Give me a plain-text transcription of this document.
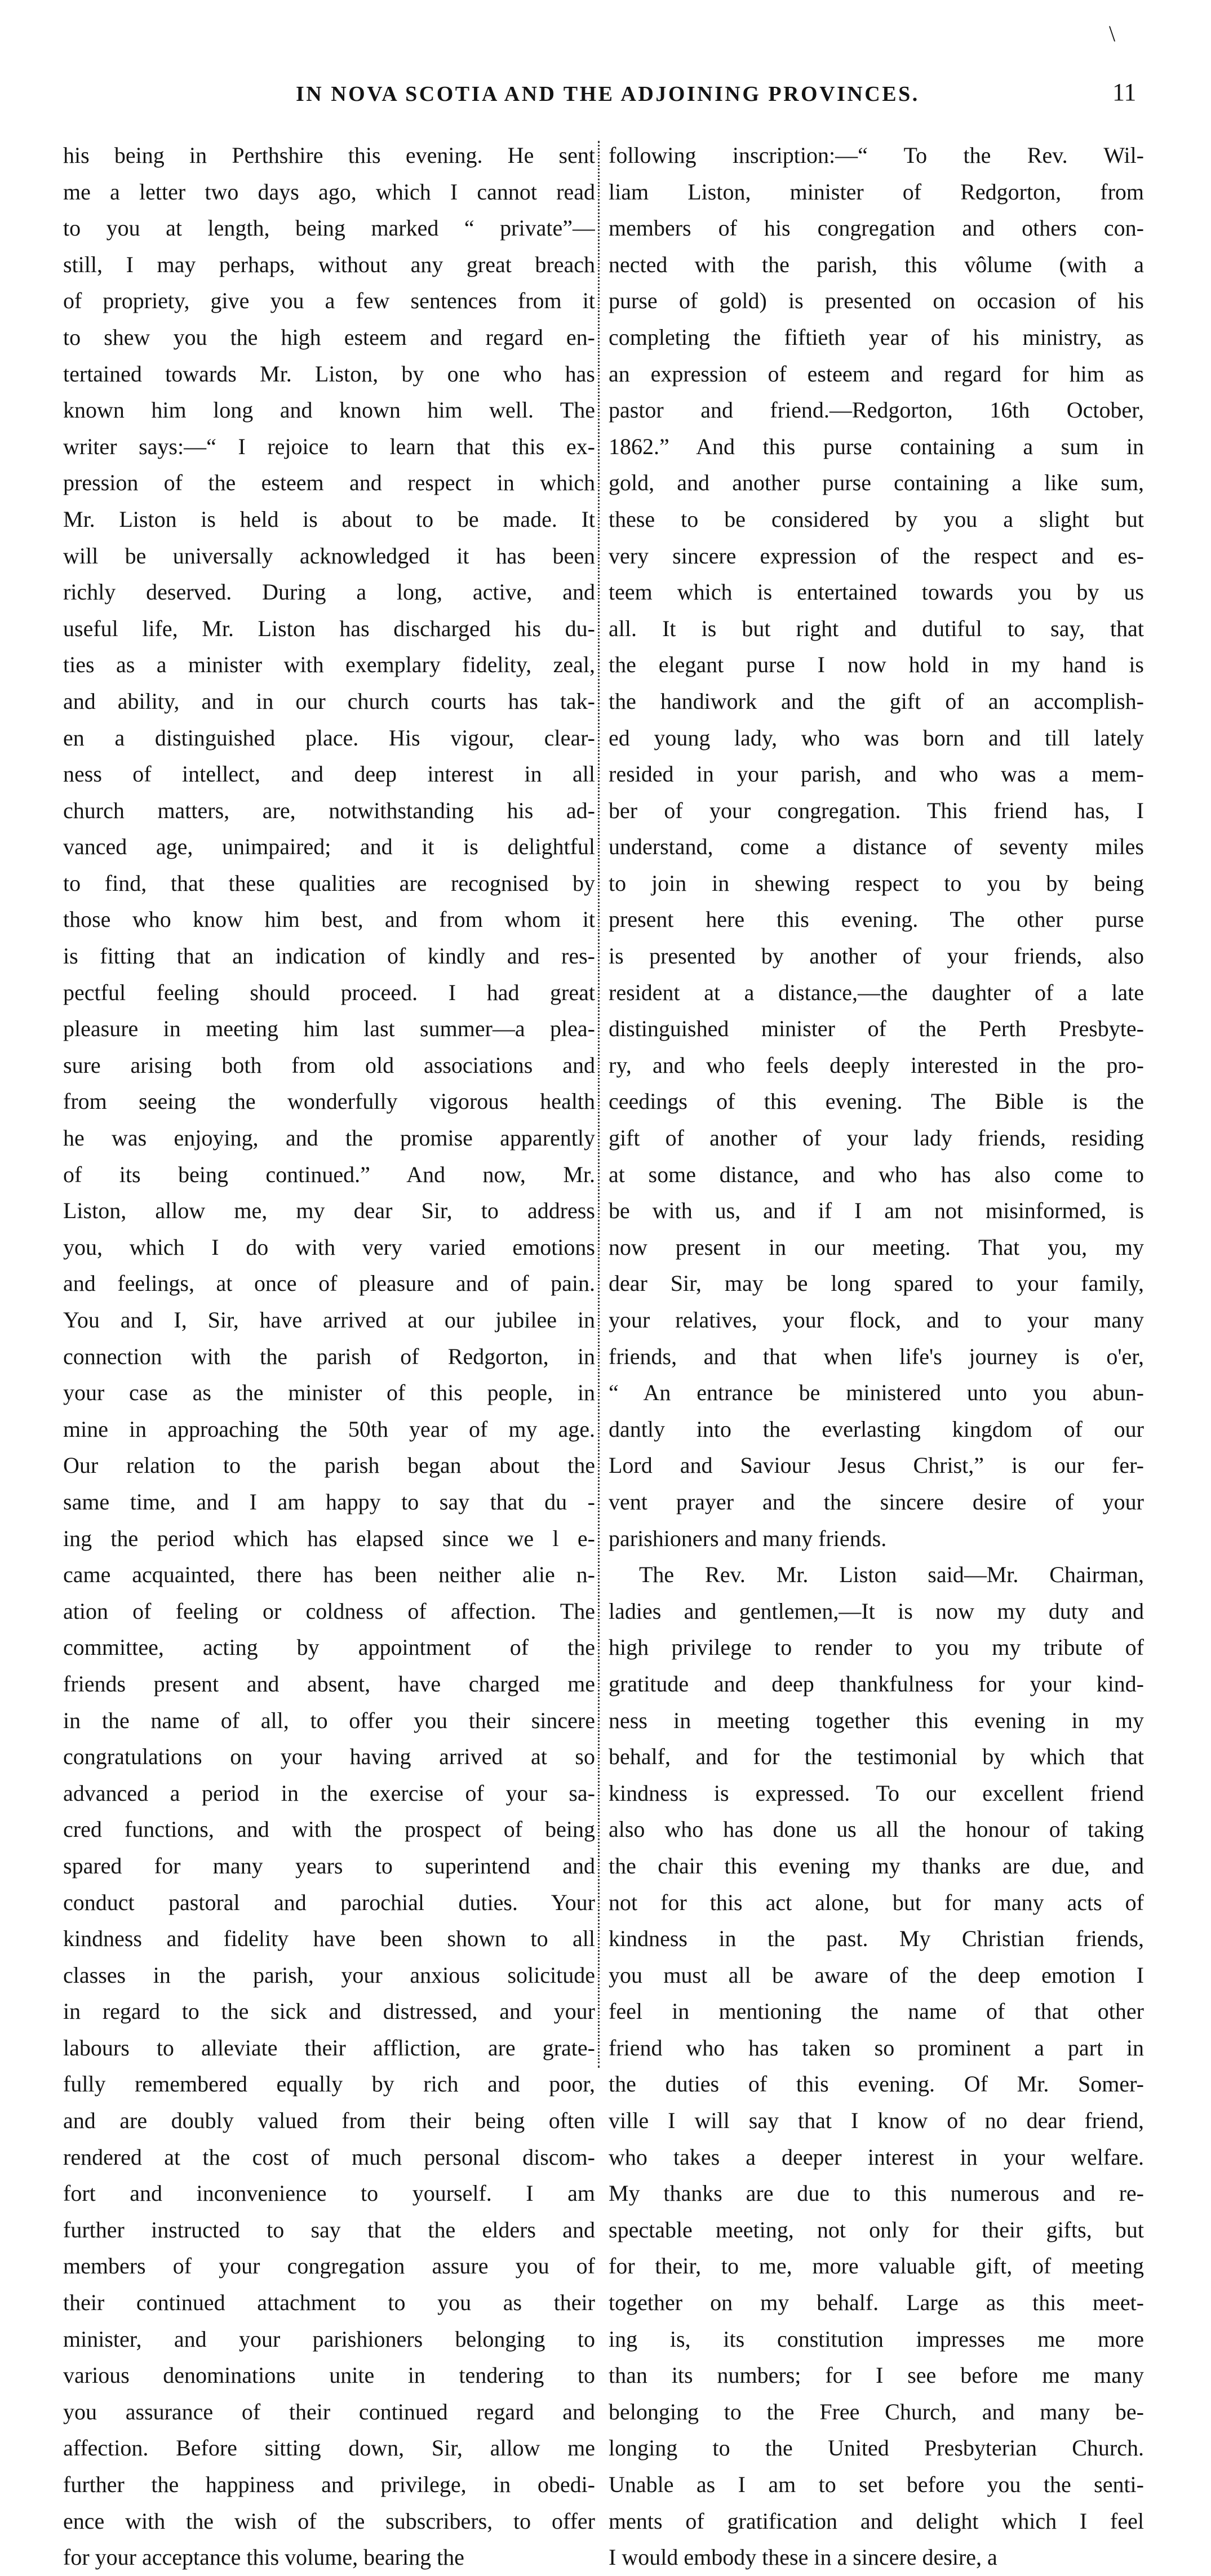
\
IN NOVA SCOTIA AND THE ADJOINING PROVINCES.	11
his being in Perthshire this evening. He sent
me a letter two days ago, which I cannot read
to you at length, being marked “ private”—
still, I may perhaps, without any great breach
of propriety, give you a few sentences from it
to shew you the high esteem and regard en-
tertained towards Mr. Liston, by one who has
known him long and known him well. The
writer says:—“ I rejoice to learn that this ex-
pression of the esteem and respect in which
Mr. Liston is held is about to be made. It
will be universally acknowledged it has been
richly deserved. During a long, active, and
useful life, Mr. Liston has discharged his du-
ties as a minister with exemplary fidelity, zeal,
and ability, and in our church courts has tak-
en a distinguished place. His vigour, clear-
ness of intellect, and deep interest in all
church matters, are, notwithstanding his ad-
vanced age, unimpaired; and it is delightful
to find, that these qualities are recognised by
those who know him best, and from whom it
is fitting that an indication of kindly and res-
pectful feeling should proceed. I had great
pleasure in meeting him last summer—a plea-
sure arising both from old associations and
from seeing the wonderfully vigorous health
he was enjoying, and the promise apparently
of its being continued.” And now, Mr.
Liston, allow me, my dear Sir, to address
you, which I do with very varied emotions
and feelings, at once of pleasure and of pain.
You and I, Sir, have arrived at our jubilee in
connection with the parish of Redgorton, in
your case as the minister of this people, in
mine in approaching the 50th year of my age.
Our relation to the parish began about the
same time, and I am happy to say that du -
ing the period which has elapsed since we l e-
came acquainted, there has been neither alie n-
ation of feeling or coldness of affection. The
committee, acting by appointment of the
friends present and absent, have charged me
in the name of all, to offer you their sincere
congratulations on your having arrived at so
advanced a period in the exercise of your sa-
cred functions, and with the prospect of being
spared for many years to superintend and
conduct pastoral and parochial duties. Your
kindness and fidelity have been shown to all
classes in the parish, your anxious solicitude
in regard to the sick and distressed, and your
labours to alleviate their affliction, are grate-
fully remembered equally by rich and poor,
and are doubly valued from their being often
rendered at the cost of much personal discom-
fort and inconvenience to yourself. I am
further instructed to say that the elders and
members of your congregation assure you of
their continued attachment to you as their
minister, and your parishioners belonging to
various denominations unite in tendering to
you assurance of their continued regard and
affection. Before sitting down, Sir, allow me
further the happiness and privilege, in obedi-
ence with the wish of the subscribers, to offer
for your acceptance this volume, bearing the
following inscription:—“ To the Rev. Wil-
liam Liston, minister of Redgorton, from
members of his congregation and others con-
nected with the parish, this vôlume (with a
purse of gold) is presented on occasion of his
completing the fiftieth year of his ministry, as
an expression of esteem and regard for him as
pastor and friend.—Redgorton, 16th October,
1862.” And this purse containing a sum in
gold, and another purse containing a like sum,
these to be considered by you a slight but
very sincere expression of the respect and es-
teem which is entertained towards you by us
all. It is but right and dutiful to say, that
the elegant purse I now hold in my hand is
the handiwork and the gift of an accomplish-
ed young lady, who was born and till lately
resided in your parish, and who was a mem-
ber of your congregation. This friend has, I
understand, come a distance of seventy miles
to join in shewing respect to you by being
present here this evening. The other purse
is presented by another of your friends, also
resident at a distance,—the daughter of a late
distinguished minister of the Perth Presbyte-
ry, and who feels deeply interested in the pro-
ceedings of this evening. The Bible is the
gift of another of your lady friends, residing
at some distance, and who has also come to
be with us, and if I am not misinformed, is
now present in our meeting. That you, my
dear Sir, may be long spared to your family,
your relatives, your flock, and to your many
friends, and that when life's journey is o'er,
“ An entrance be ministered unto you abun-
dantly into the everlasting kingdom of our
Lord and Saviour Jesus Christ,” is our fer-
vent prayer and the sincere desire of your
parishioners and many friends.
The Rev. Mr. Liston said—Mr. Chairman,
ladies and gentlemen,—It is now my duty and
high privilege to render to you my tribute of
gratitude and deep thankfulness for your kind-
ness in meeting together this evening in my
behalf, and for the testimonial by which that
kindness is expressed. To our excellent friend
also who has done us all the honour of taking
the chair this evening my thanks are due, and
not for this act alone, but for many acts of
kindness in the past. My Christian friends,
you must all be aware of the deep emotion I
feel in mentioning the name of that other
friend who has taken so prominent a part in
the duties of this evening. Of Mr. Somer-
ville I will say that I know of no dear friend,
who takes a deeper interest in your welfare.
My thanks are due to this numerous and re-
spectable meeting, not only for their gifts, but
for their, to me, more valuable gift, of meeting
together on my behalf. Large as this meet-
ing is, its constitution impresses me more
than its numbers; for I see before me many
belonging to the Free Church, and many be-
longing to the United Presbyterian Church.
Unable as I am to set before you the senti-
ments of gratification and delight which I feel
I would embody these in a sincere desire, a
